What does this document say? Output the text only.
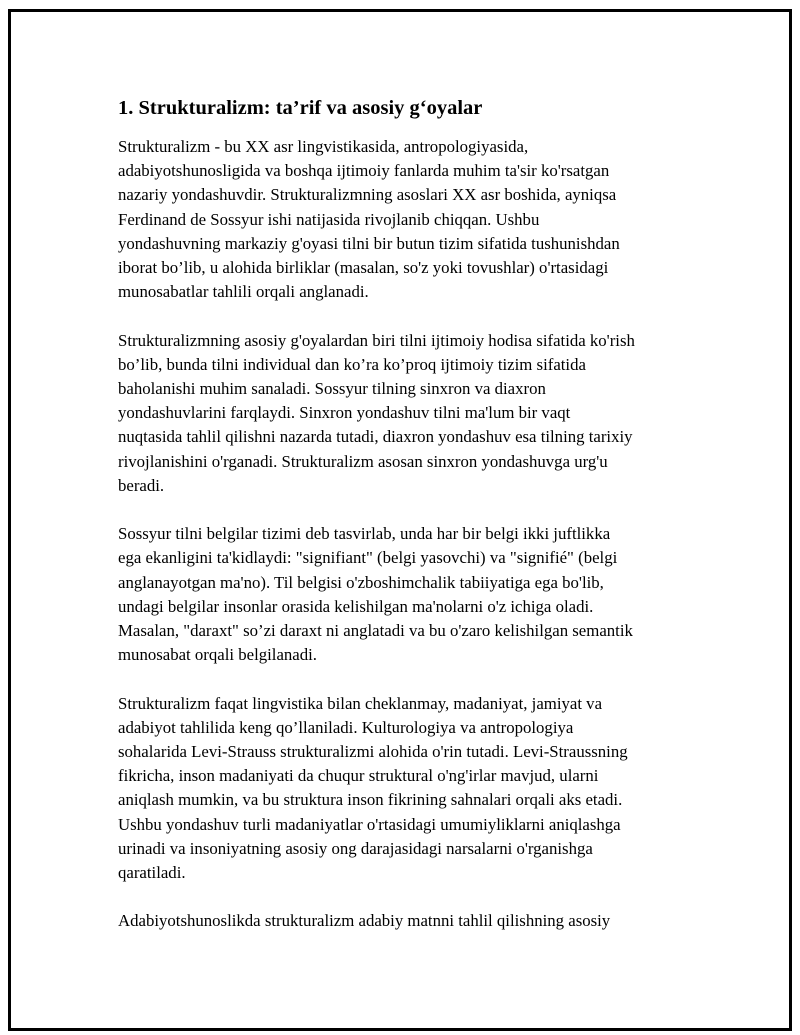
1. Strukturalizm: ta’rif va asosiy g‘oyalar

Strukturalizm - bu XX asr lingvistikasida, antropologiyasida,
adabiyotshunosligida va boshqa ijtimoiy fanlarda muhim ta'sir ko'rsatgan
nazariy yondashuvdir. Strukturalizmning asoslari XX asr boshida, ayniqsa
Ferdinand de Sossyur ishi natijasida rivojlanib chiqqan. Ushbu
yondashuvning markaziy g'oyasi tilni bir butun tizim sifatida tushunishdan
iborat bo’lib, u alohida birliklar (masalan, so'z yoki tovushlar) o'rtasidagi
munosabatlar tahlili orqali anglanadi.

Strukturalizmning asosiy g'oyalardan biri tilni ijtimoiy hodisa sifatida ko'rish
bo’lib, bunda tilni individual dan ko’ra ko’proq ijtimoiy tizim sifatida
baholanishi muhim sanaladi. Sossyur tilning sinxron va diaxron
yondashuvlarini farqlaydi. Sinxron yondashuv tilni ma'lum bir vaqt
nuqtasida tahlil qilishni nazarda tutadi, diaxron yondashuv esa tilning tarixiy
rivojlanishini o'rganadi. Strukturalizm asosan sinxron yondashuvga urg'u
beradi.

Sossyur tilni belgilar tizimi deb tasvirlab, unda har bir belgi ikki juftlikka
ega ekanligini ta'kidlaydi: "signifiant" (belgi yasovchi) va "signifié" (belgi
anglanayotgan ma'no). Til belgisi o'zboshimchalik tabiiyatiga ega bo'lib,
undagi belgilar insonlar orasida kelishilgan ma'nolarni o'z ichiga oladi.
Masalan, "daraxt" so’zi daraxt ni anglatadi va bu o'zaro kelishilgan semantik
munosabat orqali belgilanadi.

Strukturalizm faqat lingvistika bilan cheklanmay, madaniyat, jamiyat va
adabiyot tahlilida keng qo’llaniladi. Kulturologiya va antropologiya
sohalarida Levi-Strauss strukturalizmi alohida o'rin tutadi. Levi-Straussning
fikricha, inson madaniyati da chuqur struktural o'ng'irlar mavjud, ularni
aniqlash mumkin, va bu struktura inson fikrining sahnalari orqali aks etadi.
Ushbu yondashuv turli madaniyatlar o'rtasidagi umumiyliklarni aniqlashga
urinadi va insoniyatning asosiy ong darajasidagi narsalarni o'rganishga
qaratiladi.

Adabiyotshunoslikda strukturalizm adabiy matnni tahlil qilishning asosiy
